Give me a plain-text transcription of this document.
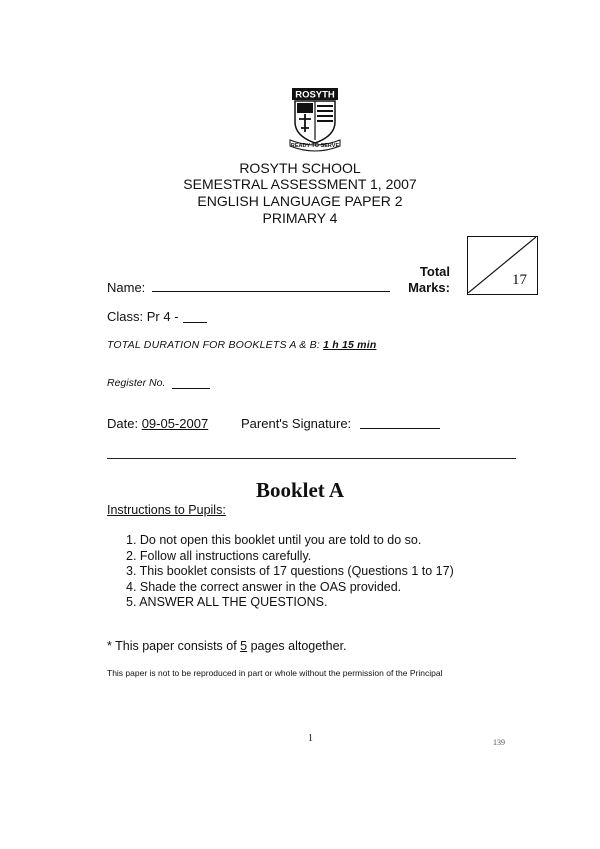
ROSYTH
READY TO SERVE
ROSYTH SCHOOL
SEMESTRAL ASSESSMENT 1, 2007
ENGLISH LANGUAGE PAPER 2
PRIMARY 4
Name:
Total
Marks:	17
Class: Pr 4 -
TOTAL DURATION FOR BOOKLETS A & B: 1 h 15 min
Register No.
Date: 09-05-2007	Parent's Signature:
Booklet A
Instructions to Pupils:
1. Do not open this booklet until you are told to do so.
2. Follow all instructions carefully.
3. This booklet consists of 17 questions (Questions 1 to 17)
4. Shade the correct answer in the OAS provided.
5. ANSWER ALL THE QUESTIONS.
* This paper consists of 5 pages altogether.
This paper is not to be reproduced in part or whole without the permission of the Principal
1	139
